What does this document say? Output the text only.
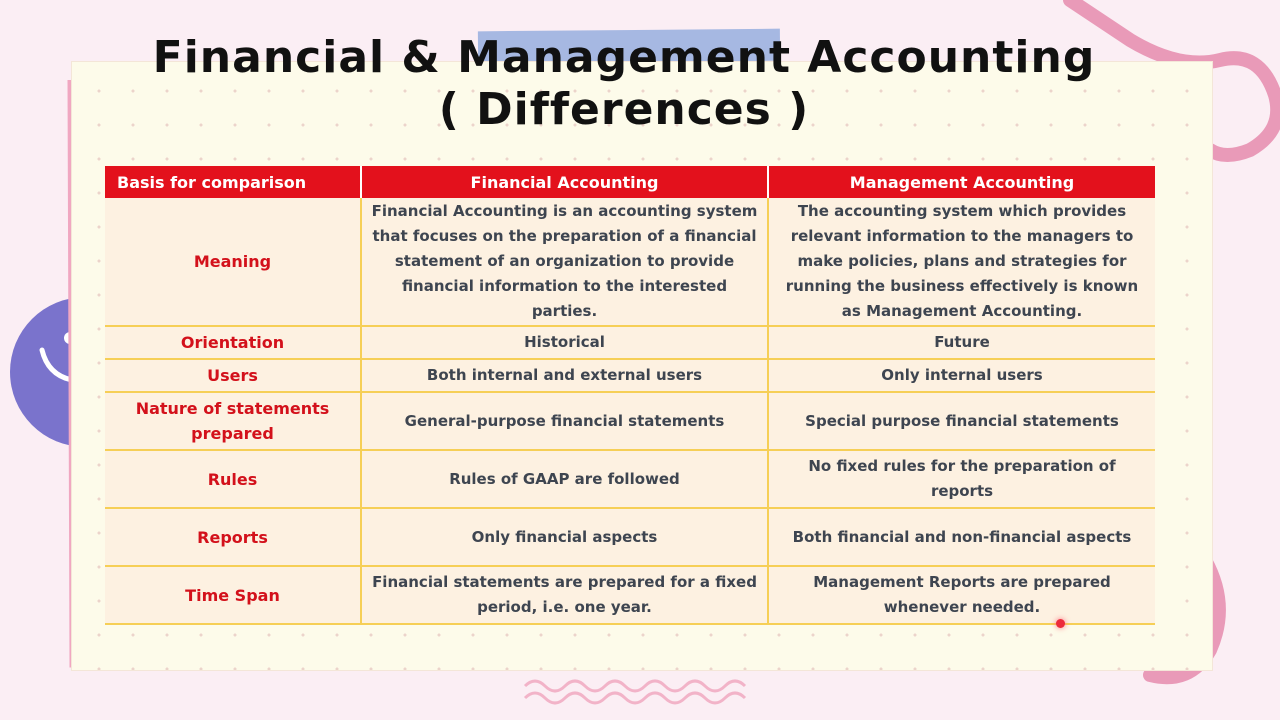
Financial & Management Accounting
( Differences )
Basis for comparison	Financial Accounting	Management Accounting
Meaning	Financial Accounting is an accounting system that focuses on the preparation of a financial statement of an organization to provide financial information to the interested parties.	The accounting system which provides relevant information to the managers to make policies, plans and strategies for running the business effectively is known as Management Accounting.
Orientation	Historical	Future
Users	Both internal and external users	Only internal users
Nature of statements prepared	General-purpose financial statements	Special purpose financial statements
Rules	Rules of GAAP are followed	No fixed rules for the preparation of reports
Reports	Only financial aspects	Both financial and non-financial aspects
Time Span	Financial statements are prepared for a fixed period, i.e. one year.	Management Reports are prepared whenever needed.
